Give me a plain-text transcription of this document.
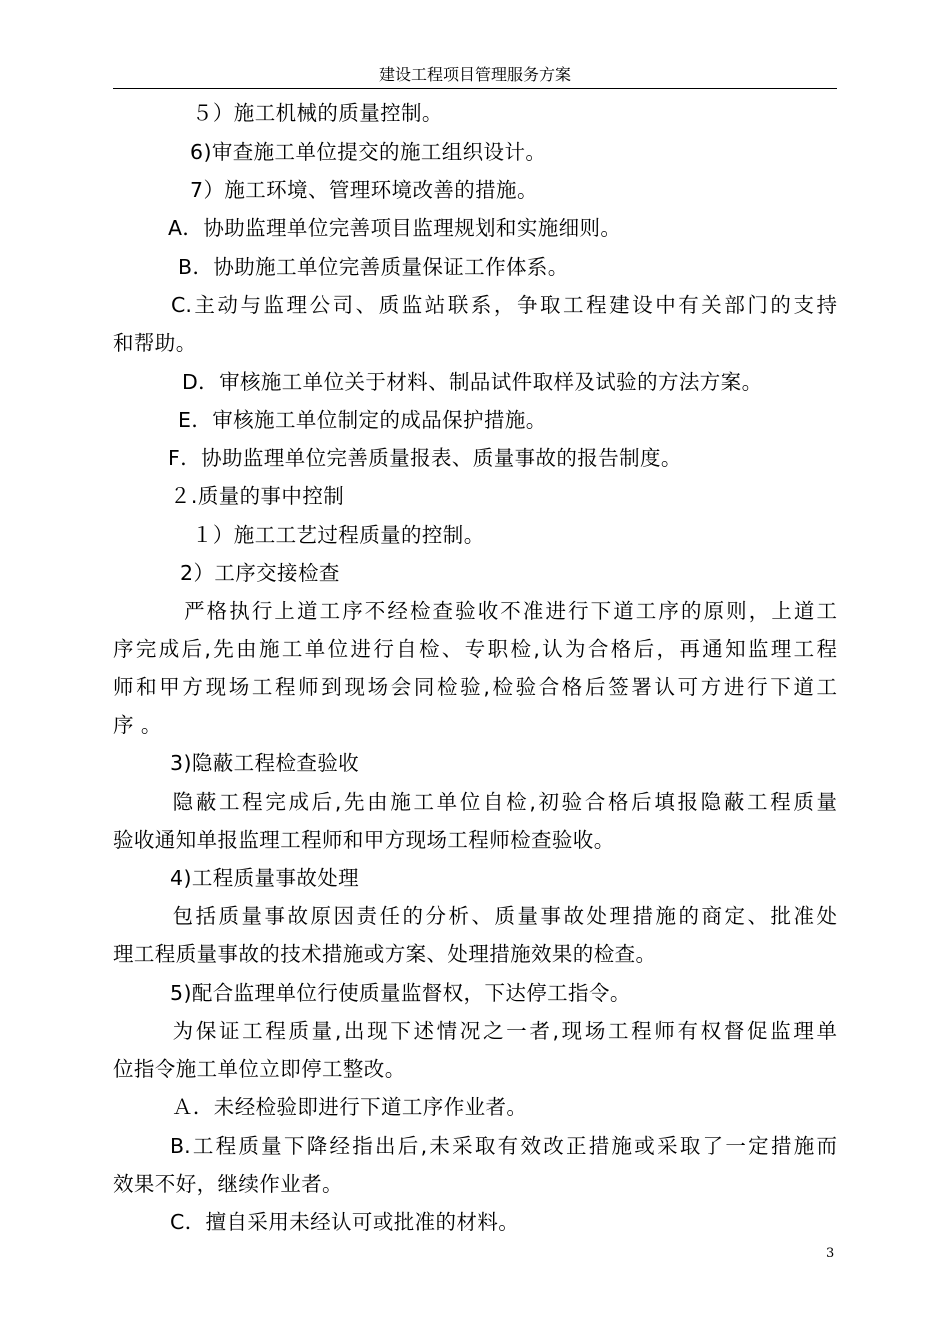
建设工程项目管理服务方案
５）施工机械的质量控制。
6)审查施工单位提交的施工组织设计。
7）施工环境、管理环境改善的措施。
A．协助监理单位完善项目监理规划和实施细则。
B．协助施工单位完善质量保证工作体系。
C.主动与监理公司、质监站联系，争取工程建设中有关部门的支持
和帮助。
D．审核施工单位关于材料、制品试件取样及试验的方法方案。
E．审核施工单位制定的成品保护措施。
F．协助监理单位完善质量报表、质量事故的报告制度。
２.质量的事中控制
１）施工工艺过程质量的控制。
2）工序交接检查
严格执行上道工序不经检查验收不准进行下道工序的原则，上道工
序完成后,先由施工单位进行自检、专职检,认为合格后，再通知监理工程
师和甲方现场工程师到现场会同检验,检验合格后签署认可方进行下道工
序 。
3)隐蔽工程检查验收
隐蔽工程完成后,先由施工单位自检,初验合格后填报隐蔽工程质量
验收通知单报监理工程师和甲方现场工程师检查验收。
4)工程质量事故处理
包括质量事故原因责任的分析、质量事故处理措施的商定、批准处
理工程质量事故的技术措施或方案、处理措施效果的检查。
5)配合监理单位行使质量监督权，下达停工指令。
为保证工程质量,出现下述情况之一者,现场工程师有权督促监理单
位指令施工单位立即停工整改。
Ａ．未经检验即进行下道工序作业者。
B.工程质量下降经指出后,未采取有效改正措施或采取了一定措施而
效果不好，继续作业者。
C．擅自采用未经认可或批准的材料。
3
